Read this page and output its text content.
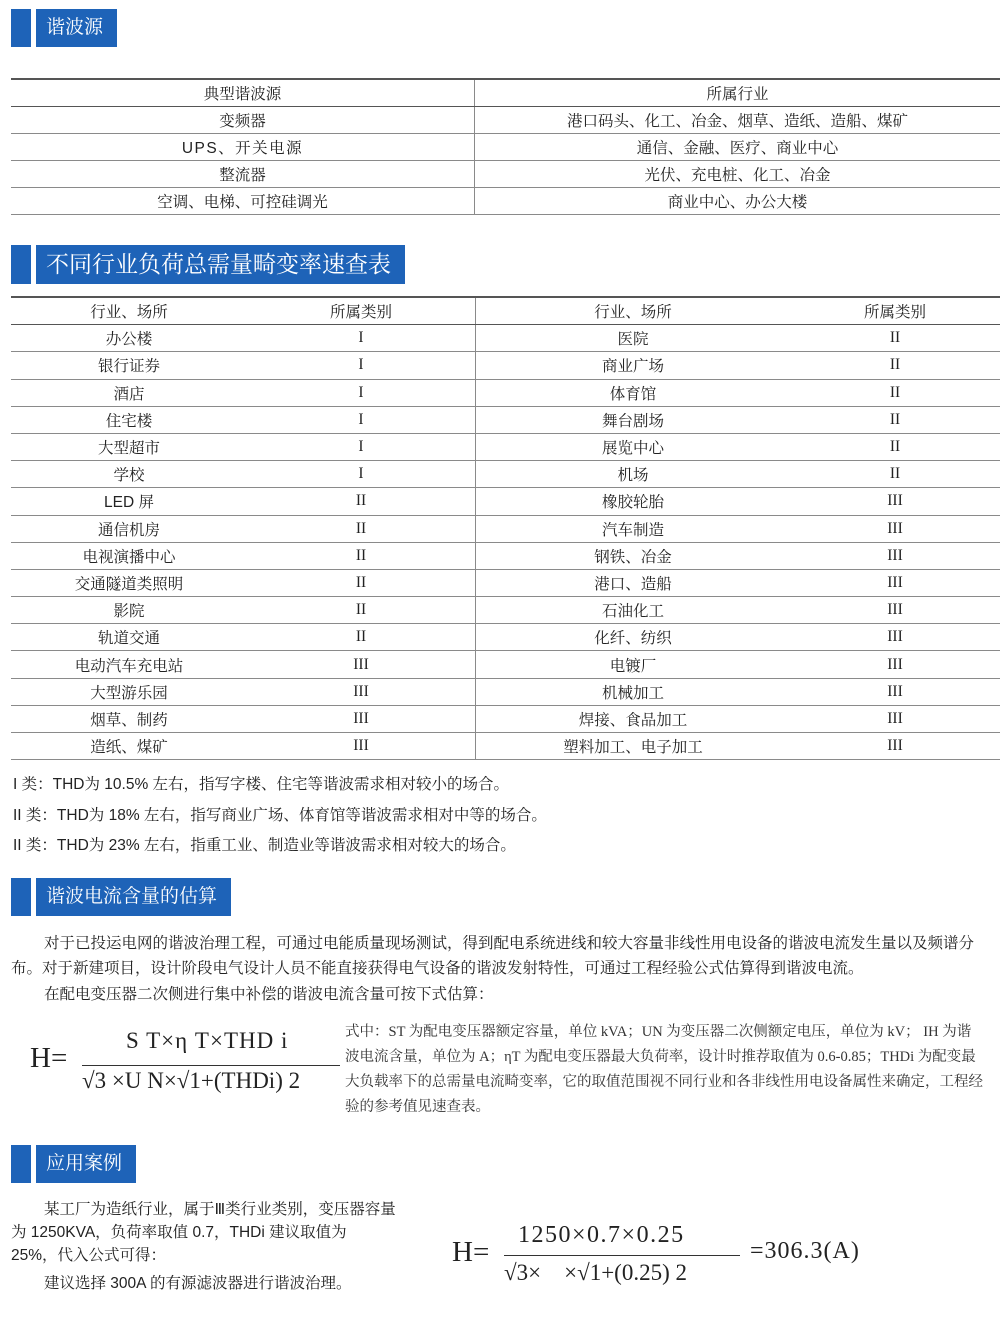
谐波源
典型谐波源	所属行业
变频器	港口码头、化工、冶金、烟草、造纸、造船、煤矿
UPS、开关电源	通信、金融、医疗、商业中心
整流器	光伏、充电桩、化工、冶金
空调、电梯、可控硅调光	商业中心、办公大楼
不同行业负荷总需量畸变率速查表
行业、场所	所属类别	行业、场所	所属类别
办公楼	I	医院	II
银行证券	I	商业广场	II
酒店	I	体育馆	II
住宅楼	I	舞台剧场	II
大型超市	I	展览中心	II
学校	I	机场	II
LED 屏	II	橡胶轮胎	III
通信机房	II	汽车制造	III
电视演播中心	II	钢铁、冶金	III
交通隧道类照明	II	港口、造船	III
影院	II	石油化工	III
轨道交通	II	化纤、纺织	III
电动汽车充电站	III	电镀厂	III
大型游乐园	III	机械加工	III
烟草、制药	III	焊接、食品加工	III
造纸、煤矿	III	塑料加工、电子加工	III
I 类：THD为 10.5% 左右，指写字楼、住宅等谐波需求相对较小的场合。
II 类：THD为 18% 左右，指写商业广场、体育馆等谐波需求相对中等的场合。
II 类：THD为 23% 左右，指重工业、制造业等谐波需求相对较大的场合。
谐波电流含量的估算
对于已投运电网的谐波治理工程，可通过电能质量现场测试，得到配电系统进线和较大容量非线性用电设备的谐波电流发生量以及频谱分布。对于新建项目，设计阶段电气设计人员不能直接获得电气设备的谐波发射特性，可通过工程经验公式估算得到谐波电流。
在配电变压器二次侧进行集中补偿的谐波电流含量可按下式估算：
H=
S T×η T×THD i
√3 ×U N×√1+(THDi) 2
式中：ST 为配电变压器额定容量，单位 kVA；UN 为变压器二次侧额定电压，单位为 kV； IH 为谐波电流含量，单位为 A；ηT 为配电变压器最大负荷率，设计时推荐取值为 0.6-0.85；THDi 为配变最大负载率下的总需量电流畸变率，它的取值范围视不同行业和各非线性用电设备属性来确定，工程经验的参考值见速查表。
应用案例

某工厂为造纸行业，属于Ⅲ类行业类别，变压器容量为 1250KVA，负荷率取值 0.7，THDi 建议取值为 25%，代入公式可得：

建议选择 300A 的有源滤波器进行谐波治理。

H=
1250×0.7×0.25
√3×    ×√1+(0.25) 2
=306.3(A)
